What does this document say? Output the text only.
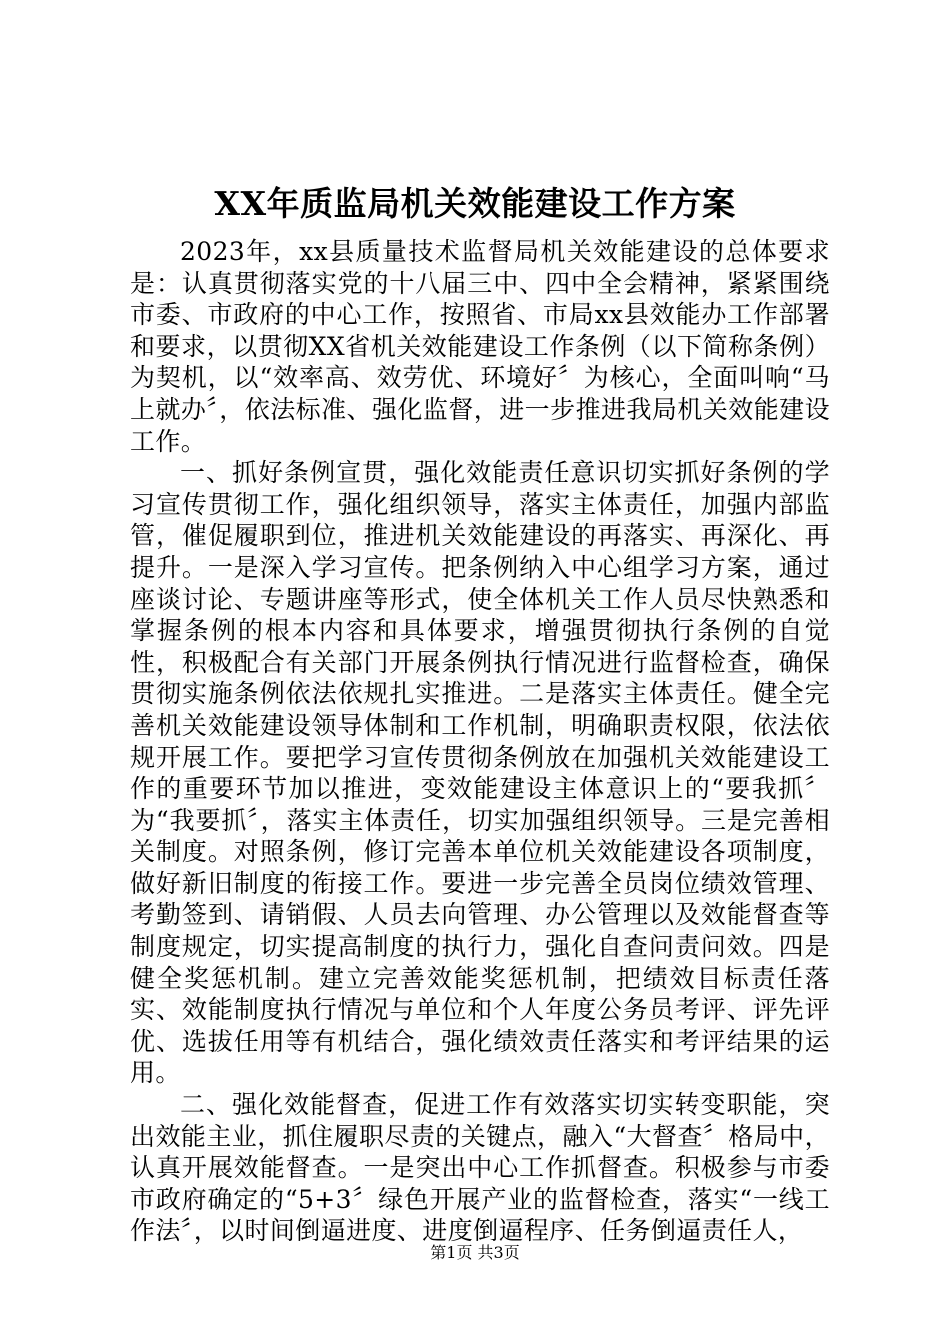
XX年质监局机关效能建设工作方案

2023年，xx县质量技术监督局机关效能建设的总体要求是：认真贯彻落实党的十八届三中、四中全会精神，紧紧围绕市委、市政府的中心工作，按照省、市局xx县效能办工作部署和要求，以贯彻XX省机关效能建设工作条例（以下简称条例）为契机，以“效率高、效劳优、环境好〞为核心，全面叫响“马上就办〞，依法标准、强化监督，进一步推进我局机关效能建设工作。

一、抓好条例宣贯，强化效能责任意识切实抓好条例的学习宣传贯彻工作，强化组织领导，落实主体责任，加强内部监管，催促履职到位，推进机关效能建设的再落实、再深化、再提升。一是深入学习宣传。把条例纳入中心组学习方案，通过座谈讨论、专题讲座等形式，使全体机关工作人员尽快熟悉和掌握条例的根本内容和具体要求，增强贯彻执行条例的自觉性，积极配合有关部门开展条例执行情况进行监督检查，确保贯彻实施条例依法依规扎实推进。二是落实主体责任。健全完善机关效能建设领导体制和工作机制，明确职责权限，依法依规开展工作。要把学习宣传贯彻条例放在加强机关效能建设工作的重要环节加以推进，变效能建设主体意识上的“要我抓〞为“我要抓〞，落实主体责任，切实加强组织领导。三是完善相关制度。对照条例，修订完善本单位机关效能建设各项制度，做好新旧制度的衔接工作。要进一步完善全员岗位绩效管理、考勤签到、请销假、人员去向管理、办公管理以及效能督查等制度规定，切实提高制度的执行力，强化自查问责问效。四是健全奖惩机制。建立完善效能奖惩机制，把绩效目标责任落实、效能制度执行情况与单位和个人年度公务员考评、评先评优、选拔任用等有机结合，强化绩效责任落实和考评结果的运用。

二、强化效能督查，促进工作有效落实切实转变职能，突出效能主业，抓住履职尽责的关键点，融入“大督查〞格局中，认真开展效能督查。一是突出中心工作抓督查。积极参与市委市政府确定的“5+3〞绿色开展产业的监督检查，落实“一线工作法〞，以时间倒逼进度、进度倒逼程序、任务倒逼责任人，

第1页 共3页
